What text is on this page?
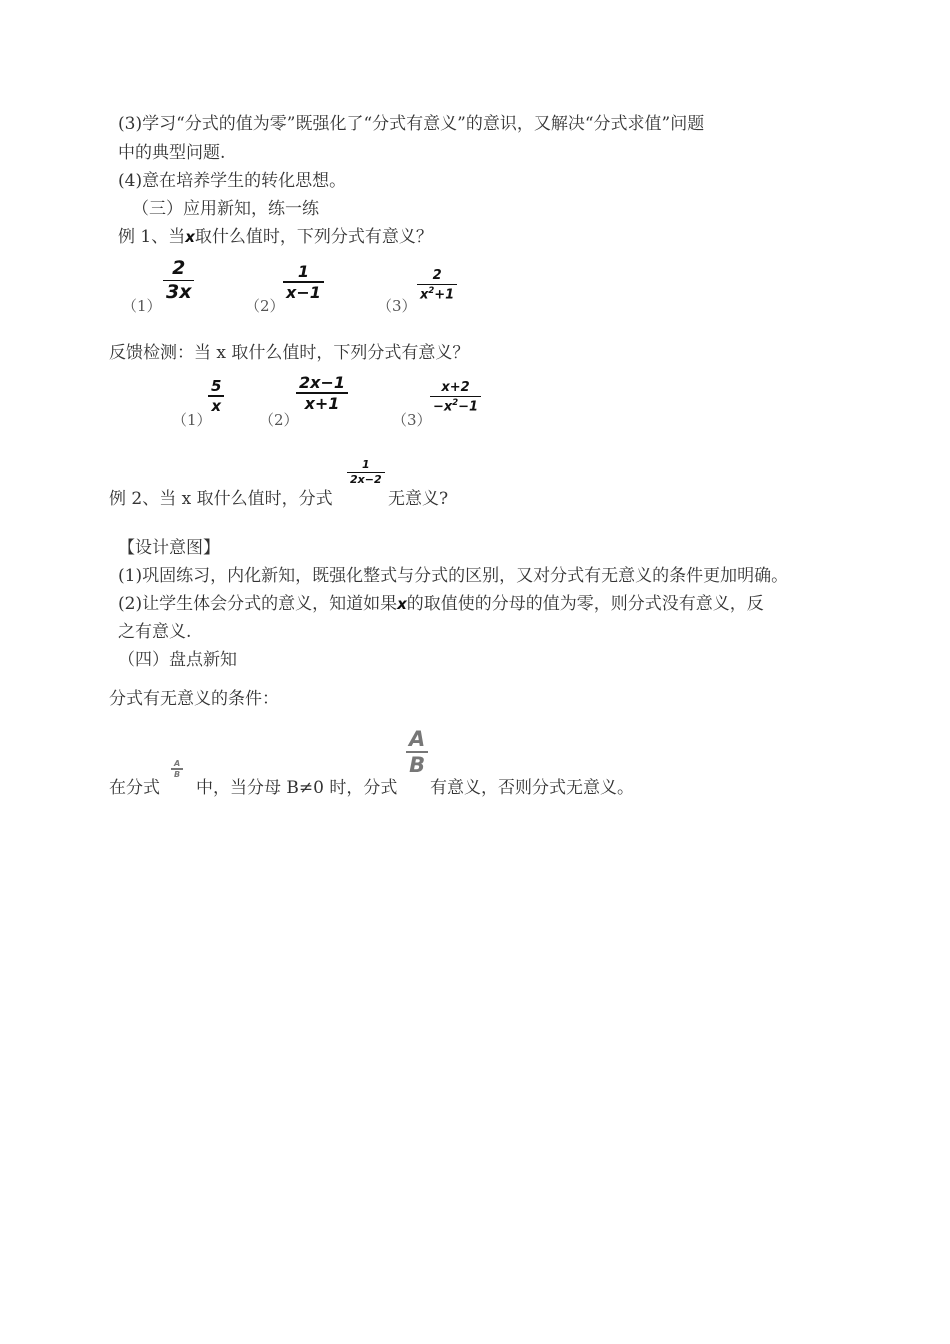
(3)学习“分式的值为零”既强化了“分式有意义”的意识，又解决“分式求值”问题
中的典型问题.
(4)意在培养学生的转化思想。
（三）应用新知，练一练
例 1、当x取什么值时，下列分式有意义？
（1）
2
3x
（2）
1
x−1
（3）
2
$x^2+1$
反馈检测：当 x 取什么值时，下列分式有意义？
（1）
5
x
（2）
2x−1
x+1
（3）
x+2
$-x^2-1$
例 2、当 x 取什么值时，分式
1
2x−2
无意义?
【设计意图】
(1)巩固练习，内化新知，既强化整式与分式的区别，又对分式有无意义的条件更加明确。
(2)让学生体会分式的意义，知道如果x的取值使的分母的值为零，则分式没有意义，反
之有意义.
（四）盘点新知
分式有无意义的条件：
在分式
A
B
中，当分母 B≠0 时，分式
A
B
有意义，否则分式无意义。
